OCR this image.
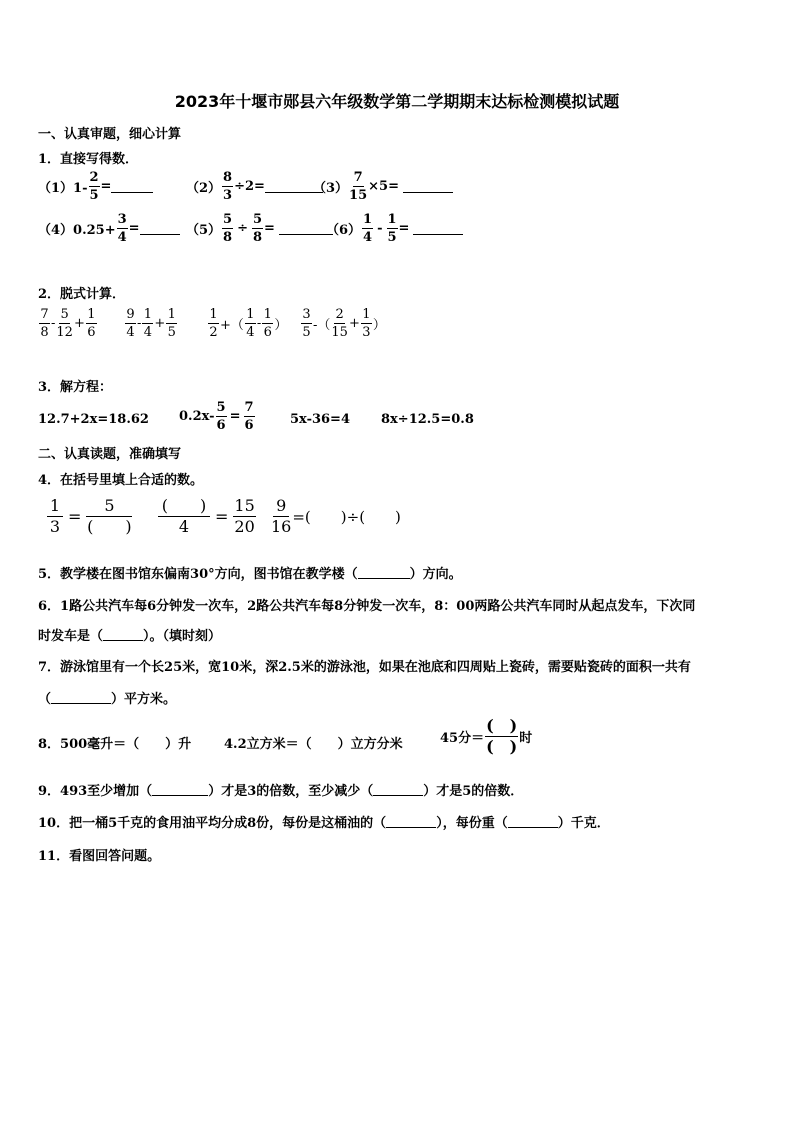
2023年十堰市郧县六年级数学第二学期期末达标检测模拟试题
一、认真审题，细心计算
1．直接写得数．
$(1)1- \frac{2}{5}$ =	$(2) \frac{8}{3} \div 2=$	$(3) \frac{7}{15} \times 5=$
$(4)0.25+ \frac{3}{4}$ =	$(5) \frac{5}{8} \div \frac{5}{8}$ =	$(6) \frac{1}{4} - \frac{1}{5}$ =
2．脱式计算．
$\frac{7}{8} - \frac{5}{12} + \frac{1}{6} \frac{9}{4} - \frac{1}{4} + \frac{1}{5} \frac{1}{2}$ +（ $\frac{1}{4} - \frac{1}{6}$ ） $\frac{3}{5}$ -（ $\frac{2}{15} + \frac{1}{3}$ ）
3．解方程：
12.7+2x=18.62 $0.2x- \frac{5}{6} = \frac{7}{6}$	5x-36=4 8x÷12.5=0.8
二、认真读题，准确填写
4．在括号里填上合适的数。
$\frac{1}{3}$ =
5
(　　)
(　　)
4
= $\frac{15}{20} \frac{9}{16}$ =(　　)÷(　　)
5．教学楼在图书馆东偏南30°方向，图书馆在教学楼（	）方向。
6．1路公共汽车每6分钟发一次车，2路公共汽车每8分钟发一次车，8：00两路公共汽车同时从起点发车，下次同
时发车是（	）。（填时刻）
7．游泳馆里有一个长25米，宽10米，深2.5米的游泳池，如果在池底和四周贴上瓷砖，需要贴瓷砖的面积一共有
（	）平方米。
8．500毫升＝（　　）升	4.2立方米＝（　　）立方分米	45分＝
(　)
(　) 时
9．493至少增加（	）才是3的倍数，至少减少（	）才是5的倍数．
10．把一桶5千克的食用油平均分成8份，每份是这桶油的（	），每份重（	）千克．
11．看图回答问题。
